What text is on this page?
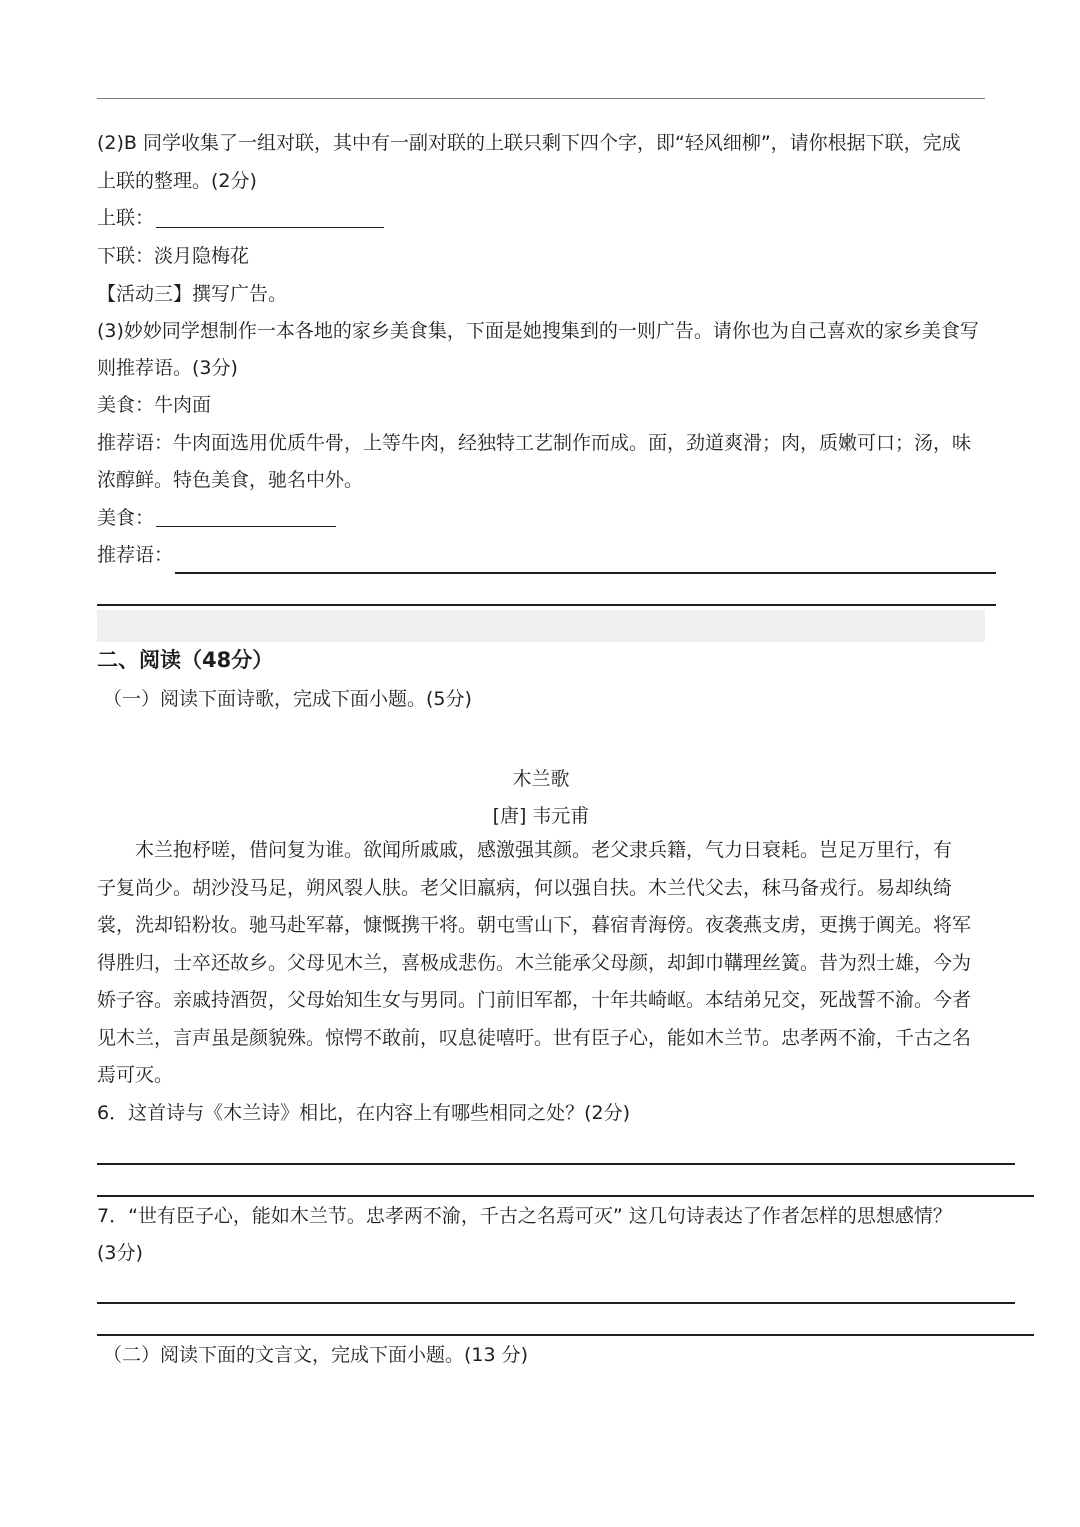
(2)B 同学收集了一组对联，其中有一副对联的上联只剩下四个字，即“轻风细柳”，请你根据下联，完成
上联的整理。(2分)
上联：
下联：淡月隐梅花
【活动三】撰写广告。
(3)妙妙同学想制作一本各地的家乡美食集，下面是她搜集到的一则广告。请你也为自己喜欢的家乡美食写
则推荐语。(3分)
美食：牛肉面
推荐语：牛肉面选用优质牛骨，上等牛肉，经独特工艺制作而成。面，劲道爽滑；肉，质嫩可口；汤，味
浓醇鲜。特色美食，驰名中外。
美食：
推荐语：
二、阅读（48分）
（一）阅读下面诗歌，完成下面小题。(5分)
木兰歌
[唐] 韦元甫
木兰抱杼嗟，借问复为谁。欲闻所戚戚，感激强其颜。老父隶兵籍，气力日衰耗。岂足万里行，有
子复尚少。胡沙没马足，朔风裂人肤。老父旧羸病，何以强自扶。木兰代父去，秣马备戎行。易却纨绮
裳，洗却铅粉妆。驰马赴军幕，慷慨携干将。朝屯雪山下，暮宿青海傍。夜袭燕支虏，更携于阗羌。将军
得胜归，士卒还故乡。父母见木兰，喜极成悲伤。木兰能承父母颜，却卸巾鞲理丝簧。昔为烈士雄，今为
娇子容。亲戚持酒贺，父母始知生女与男同。门前旧军都，十年共崎岖。本结弟兄交，死战誓不渝。今者
见木兰，言声虽是颜貌殊。惊愕不敢前，叹息徒嘻吁。世有臣子心，能如木兰节。忠孝两不渝，千古之名
焉可灭。
6．这首诗与《木兰诗》相比，在内容上有哪些相同之处？(2分)
7．“世有臣子心，能如木兰节。忠孝两不渝，千古之名焉可灭” 这几句诗表达了作者怎样的思想感情？
(3分)
（二）阅读下面的文言文，完成下面小题。(13 分)
